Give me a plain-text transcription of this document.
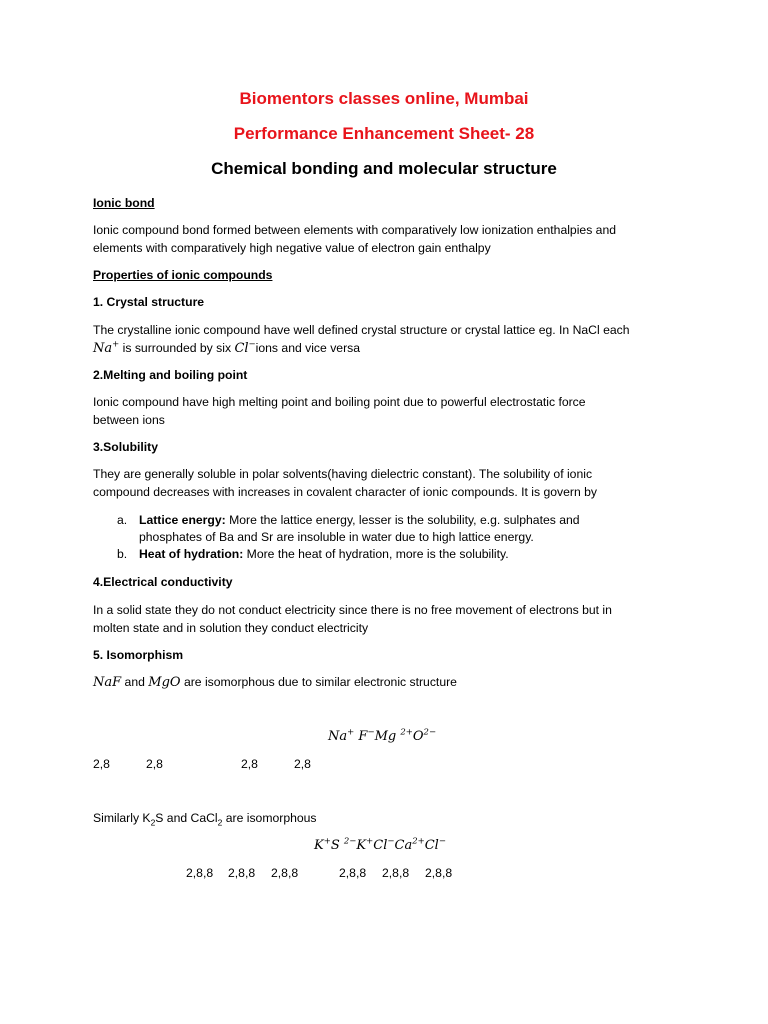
Biomentors classes online, Mumbai
Performance Enhancement Sheet- 28
Chemical bonding and molecular structure
Ionic bond
Ionic compound bond formed between elements with comparatively low ionization enthalpies and
elements with comparatively high negative value of electron gain enthalpy
Properties of ionic compounds
1. Crystal structure
The crystalline ionic compound have well defined crystal structure or crystal lattice eg. In NaCl each
Na+ is surrounded by six Cl−ions and vice versa
2.Melting and boiling point
Ionic compound have high melting point and boiling point due to powerful electrostatic force
between ions
3.Solubility
They are generally soluble in polar solvents(having dielectric constant). The solubility of ionic
compound decreases with increases in covalent character of ionic compounds. It is govern by
a. Lattice energy: More the lattice energy, lesser is the solubility, e.g. sulphates and phosphates of Ba and Sr are insoluble in water due to high lattice energy.
b. Heat of hydration: More the heat of hydration, more is the solubility.
4.Electrical conductivity
In a solid state they do not conduct electricity since there is no free movement of electrons but in
molten state and in solution they conduct electricity
5. Isomorphism
NaF and MgO are isomorphous due to similar electronic structure
Na+ F−Mg $^{2+}O^{2-}$
2,8	2,8	2,8	2,8
Similarly $K_2S$ and CaCl$_2$ are isomorphous
K+S $^{2-}K^+Cl^-Ca^{2+}Cl^-$
2,8,8 2,8,8 2,8,8	2,8,8 2,8,8 2,8,8
